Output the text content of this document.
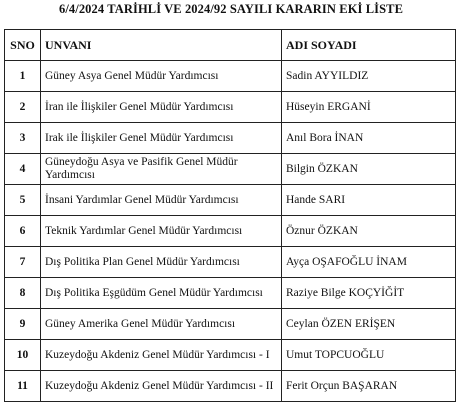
6/4/2024 TARİHLİ VE 2024/92 SAYILI KARARIN EKİ LİSTE
SNO	UNVANI	ADI SOYADI
1	Güney Asya Genel Müdür Yardımcısı	Sadin AYYILDIZ
2	İran ile İlişkiler Genel Müdür Yardımcısı	Hüseyin ERGANİ
3	Irak ile İlişkiler Genel Müdür Yardımcısı	Anıl Bora İNAN
4	Güneydoğu Asya ve Pasifik Genel Müdür Yardımcısı	Bilgin ÖZKAN
5	İnsani Yardımlar Genel Müdür Yardımcısı	Hande SARI
6	Teknik Yardımlar Genel Müdür Yardımcısı	Öznur ÖZKAN
7	Dış Politika Plan Genel Müdür Yardımcısı	Ayça OŞAFOĞLU İNAM
8	Dış Politika Eşgüdüm Genel Müdür Yardımcısı	Raziye Bilge KOÇYİĞİT
9	Güney Amerika Genel Müdür Yardımcısı	Ceylan ÖZEN ERİŞEN
10	Kuzeydoğu Akdeniz Genel Müdür Yardımcısı - I	Umut TOPCUOĞLU
11	Kuzeydoğu Akdeniz Genel Müdür Yardımcısı - II	Ferit Orçun BAŞARAN
